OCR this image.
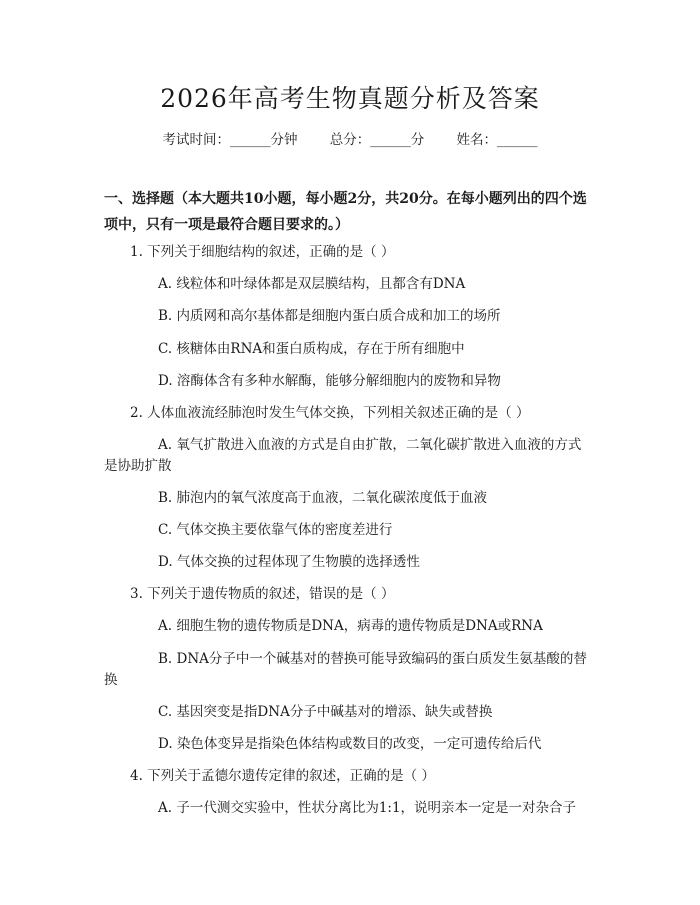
2026年高考生物真题分析及答案
考试时间：______分钟 总分：______分 姓名：______
一、选择题（本大题共10小题，每小题2分，共20分。在每小题列出的四个选项中，只有一项是最符合题目要求的。）
1. 下列关于细胞结构的叙述，正确的是（ ）
A. 线粒体和叶绿体都是双层膜结构，且都含有DNA
B. 内质网和高尔基体都是细胞内蛋白质合成和加工的场所
C. 核糖体由RNA和蛋白质构成，存在于所有细胞中
D. 溶酶体含有多种水解酶，能够分解细胞内的废物和异物
2. 人体血液流经肺泡时发生气体交换，下列相关叙述正确的是（ ）
A. 氧气扩散进入血液的方式是自由扩散，二氧化碳扩散进入血液的方式
是协助扩散
B. 肺泡内的氧气浓度高于血液，二氧化碳浓度低于血液
C. 气体交换主要依靠气体的密度差进行
D. 气体交换的过程体现了生物膜的选择透性
3. 下列关于遗传物质的叙述，错误的是（ ）
A. 细胞生物的遗传物质是DNA，病毒的遗传物质是DNA或RNA
B. DNA分子中一个碱基对的替换可能导致编码的蛋白质发生氨基酸的替
换
C. 基因突变是指DNA分子中碱基对的增添、缺失或替换
D. 染色体变异是指染色体结构或数目的改变，一定可遗传给后代
4. 下列关于孟德尔遗传定律的叙述，正确的是（ ）
A. 子一代测交实验中，性状分离比为1:1，说明亲本一定是一对杂合子
